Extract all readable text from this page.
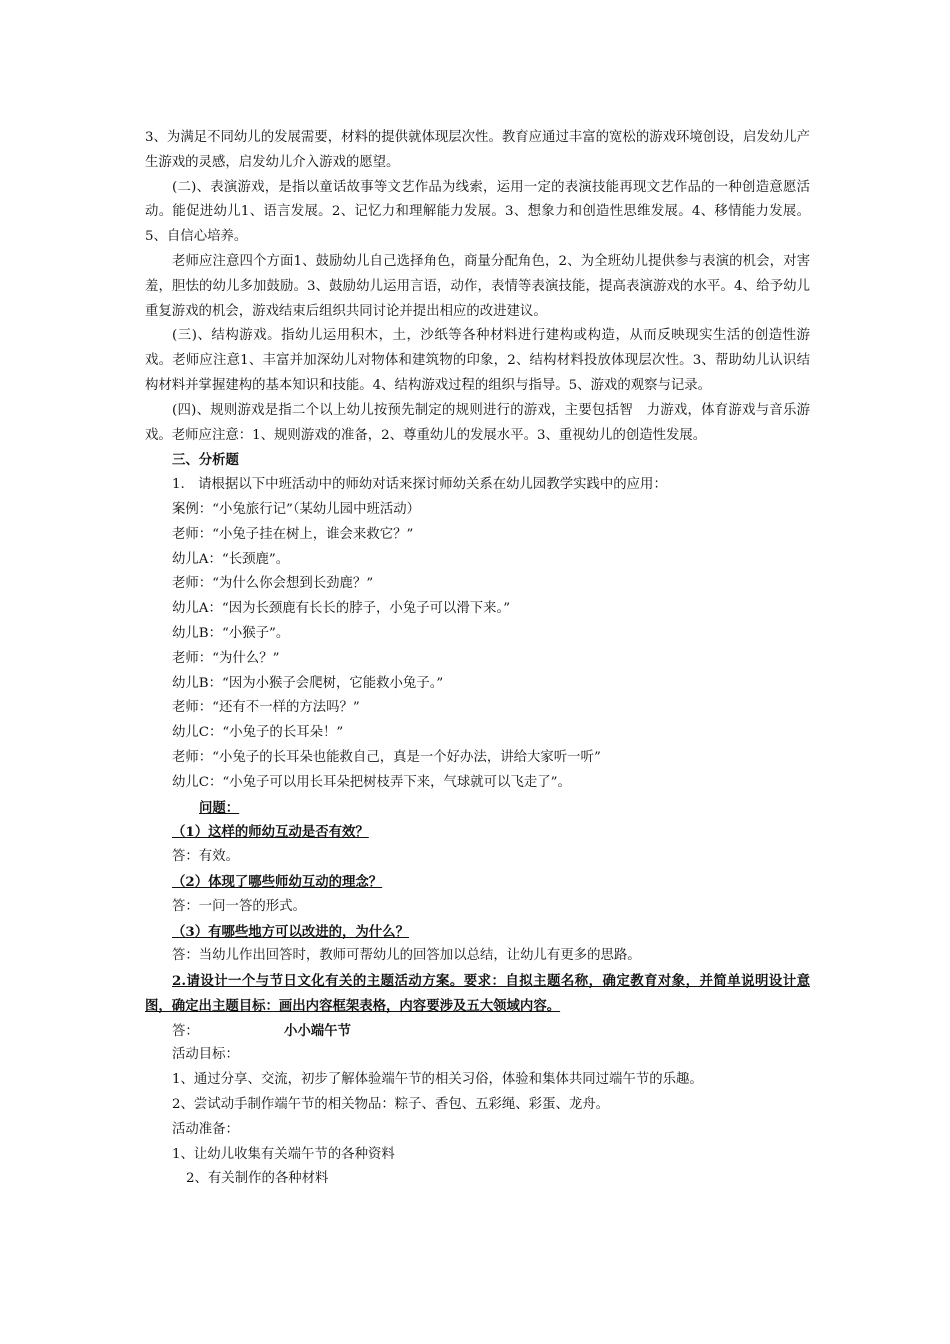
3、为满足不同幼儿的发展需要，材料的提供就体现层次性。教育应通过丰富的宽松的游戏环境创设，启发幼儿产生游戏的灵感，启发幼儿介入游戏的愿望。

(二)、表演游戏，是指以童话故事等文艺作品为线索，运用一定的表演技能再现文艺作品的一种创造意愿活动。能促进幼儿1、语言发展。2、记忆力和理解能力发展。3、想象力和创造性思维发展。4、移情能力发展。5、自信心培养。

老师应注意四个方面1、鼓励幼儿自己选择角色，商量分配角色，2、为全班幼儿提供参与表演的机会，对害羞，胆怯的幼儿多加鼓励。3、鼓励幼儿运用言语，动作，表情等表演技能，提高表演游戏的水平。4、给予幼儿重复游戏的机会，游戏结束后组织共同讨论并提出相应的改进建议。

(三)、结构游戏。指幼儿运用积木，土，沙纸等各种材料进行建构或构造，从而反映现实生活的创造性游戏。老师应注意1、丰富并加深幼儿对物体和建筑物的印象，2、结构材料投放体现层次性。3、帮助幼儿认识结构材料并掌握建构的基本知识和技能。4、结构游戏过程的组织与指导。5、游戏的观察与记录。

(四)、规则游戏是指二个以上幼儿按预先制定的规则进行的游戏，主要包括智　力游戏，体育游戏与音乐游戏。老师应注意：1、规则游戏的准备，2、尊重幼儿的发展水平。3、重视幼儿的创造性发展。

三、分析题
1.　请根据以下中班活动中的师幼对话来探讨师幼关系在幼儿园教学实践中的应用：
案例：“小兔旅行记”（某幼儿园中班活动）
老师：“小兔子挂在树上，谁会来救它？”
幼儿A：“长颈鹿”。
老师：“为什么你会想到长劲鹿？”
幼儿A：“因为长颈鹿有长长的脖子，小兔子可以滑下来。”
幼儿B：“小猴子”。
老师：“为什么？”
幼儿B：“因为小猴子会爬树，它能救小兔子。”
老师：“还有不一样的方法吗？”
幼儿C：“小兔子的长耳朵！”
老师：“小兔子的长耳朵也能救自己，真是一个好办法，讲给大家听一听”
幼儿C：“小兔子可以用长耳朵把树枝弄下来，气球就可以飞走了”。
问题：
（1）这样的师幼互动是否有效？
答：有效。
（2）体现了哪些师幼互动的理念？
答：一问一答的形式。
（3）有哪些地方可以改进的，为什么？
答：当幼儿作出回答时，教师可帮幼儿的回答加以总结，让幼儿有更多的思路。

2.请设计一个与节日文化有关的主题活动方案。要求：自拟主题名称，确定教育对象，并简单说明设计意图，确定出主题目标：画出内容框架表格，内容要涉及五大领域内容。

答：	小小端午节
活动目标：
1、通过分享、交流，初步了解体验端午节的相关习俗，体验和集体共同过端午节的乐趣。
2、尝试动手制作端午节的相关物品：粽子、香包、五彩绳、彩蛋、龙舟。
活动准备：
1、让幼儿收集有关端午节的各种资料
2、有关制作的各种材料
